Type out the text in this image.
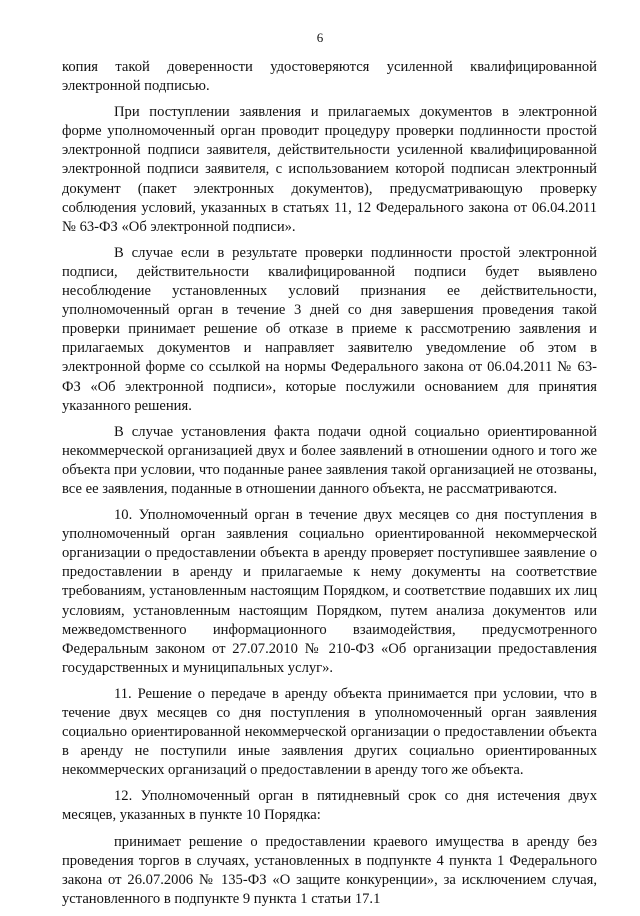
6

копия такой доверенности удостоверяются усиленной квалифицированной электронной подписью.

При поступлении заявления и прилагаемых документов в электронной форме уполномоченный орган проводит процедуру проверки подлинности простой электронной подписи заявителя, действительности усиленной квалифицированной электронной подписи заявителя, с использованием которой подписан электронный документ (пакет электронных документов), предусматривающую проверку соблюдения условий, указанных в статьях 11, 12 Федерального закона от 06.04.2011 № 63-ФЗ «Об электронной подписи».

В случае если в результате проверки подлинности простой электронной подписи, действительности квалифицированной подписи будет выявлено несоблюдение установленных условий признания ее действительности, уполномоченный орган в течение 3 дней со дня завершения проведения такой проверки принимает решение об отказе в приеме к рассмотрению заявления и прилагаемых документов и направляет заявителю уведомление об этом в электронной форме со ссылкой на нормы Федерального закона от 06.04.2011 № 63-ФЗ «Об электронной подписи», которые послужили основанием для принятия указанного решения.

В случае установления факта подачи одной социально ориентированной некоммерческой организацией двух и более заявлений в отношении одного и того же объекта при условии, что поданные ранее заявления такой организацией не отозваны, все ее заявления, поданные в отношении данного объекта, не рассматриваются.

10. Уполномоченный орган в течение двух месяцев со дня поступления в уполномоченный орган заявления социально ориентированной некоммерческой организации о предоставлении объекта в аренду проверяет поступившее заявление о предоставлении в аренду и прилагаемые к нему документы на соответствие требованиям, установленным настоящим Порядком, и соответствие подавших их лиц условиям, установленным настоящим Порядком, путем анализа документов или межведомственного информационного взаимодействия, предусмотренного Федеральным законом от 27.07.2010 № 210-ФЗ «Об организации предоставления государственных и муниципальных услуг».

11. Решение о передаче в аренду объекта принимается при условии, что в течение двух месяцев со дня поступления в уполномоченный орган заявления социально ориентированной некоммерческой организации о предоставлении объекта в аренду не поступили иные заявления других социально ориентированных некоммерческих организаций о предоставлении в аренду того же объекта.

12. Уполномоченный орган в пятидневный срок со дня истечения двух месяцев, указанных в пункте 10 Порядка:

принимает решение о предоставлении краевого имущества в аренду без проведения торгов в случаях, установленных в подпункте 4 пункта 1 Федерального закона от 26.07.2006 № 135-ФЗ «О защите конкуренции», за исключением случая, установленного в подпункте 9 пункта 1 статьи 17.1
